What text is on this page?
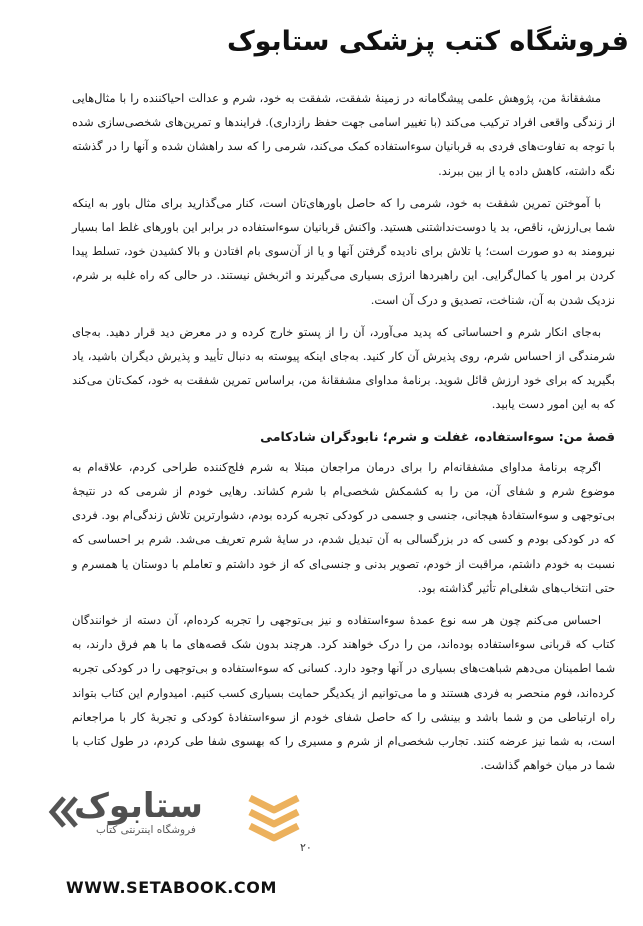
فروشگاه کتب پزشکی ستابوک

مشفقانهٔ من، پژوهش علمی پیشگامانه در زمینهٔ شفقت، شفقت به خود، شرم و عدالت احیاکننده را با مثال‌هایی از زندگی واقعی افراد ترکیب می‌کند (با تغییر اسامی جهت حفظ رازداری). فرایندها و تمرین‌های شخصی‌سازی شده با توجه به تفاوت‌های فردی به قربانیان سوءاستفاده کمک می‌کند، شرمی را که سد راهشان شده و آنها را در گذشته نگه داشته، کاهش داده یا از بین ببرند.

با آموختن تمرین شفقت به خود، شرمی را که حاصل باورهای‌تان است، کنار می‌گذارید برای مثال باور به اینکه شما بی‌ارزش، ناقص، بد یا دوست‌نداشتنی هستید. واکنش قربانیان سوءاستفاده در برابر این باورهای غلط اما بسیار نیرومند به دو صورت است؛ یا تلاش برای نادیده گرفتن آنها و یا از آن‌سوی بام افتادن و بالا کشیدن خود، تسلط پیدا کردن بر امور یا کمال‌گرایی. این راهبردها انرژی بسیاری می‌گیرند و اثربخش نیستند. در حالی که راه غلبه بر شرم، نزدیک شدن به آن، شناخت، تصدیق و درک آن است.

به‌جای انکار شرم و احساساتی که پدید می‌آورد، آن را از پستو خارج کرده و در معرض دید قرار دهید. به‌جای شرمندگی از احساس شرم، روی پذیرش آن کار کنید. به‌جای اینکه پیوسته به دنبال تأیید و پذیرش دیگران باشید، یاد بگیرید که برای خود ارزش قائل شوید. برنامهٔ مداوای مشفقانهٔ من، براساس تمرین شفقت به خود، کمک‌تان می‌کند که به این امور دست یابید.

قصهٔ من: سوءاستفاده، غفلت و شرم؛ نابودگران شادکامی

اگرچه برنامهٔ مداوای مشفقانه‌ام را برای درمان مراجعان مبتلا به شرم فلج‌کننده طراحی کردم، علاقه‌ام به موضوع شرم و شفای آن، من را به کشمکش شخصی‌ام با شرم کشاند. رهایی خودم از شرمی که در نتیجهٔ بی‌توجهی و سوءاستفادهٔ هیجانی، جنسی و جسمی در کودکی تجربه کرده بودم، دشوارترین تلاش زندگی‌ام بود. فردی که در کودکی بودم و کسی که در بزرگسالی به آن تبدیل شدم، در سایهٔ شرم تعریف می‌شد. شرم بر احساسی که نسبت به خودم داشتم، مراقبت از خودم، تصویر بدنی و جنسی‌ای که از خود داشتم و تعاملم با دوستان یا همسرم و حتی انتخاب‌های شغلی‌ام تأثیر گذاشته بود.

احساس می‌کنم چون هر سه نوع عمدهٔ سوءاستفاده و نیز بی‌توجهی را تجربه کرده‌ام، آن دسته از خوانندگان کتاب که قربانی سوءاستفاده بوده‌اند، من را درک خواهند کرد. هرچند بدون شک قصه‌های ما با هم فرق دارند، به شما اطمینان می‌دهم شباهت‌های بسیاری در آنها وجود دارد. کسانی که سوءاستفاده و بی‌توجهی را در کودکی تجربه کرده‌اند، فوم منحصر به فردی هستند و ما می‌توانیم از یکدیگر حمایت بسیاری کسب کنیم. امیدوارم این کتاب بتواند راه ارتباطی من و شما باشد و بینشی را که حاصل شفای خودم از سوءاستفادهٔ کودکی و تجربهٔ کار با مراجعانم است، به شما نیز عرضه کنند. تجارب شخصی‌ام از شرم و مسیری را که بهسوی شفا طی کردم، در طول کتاب با شما در میان خواهم گذاشت.

ستابوک
فروشگاه اینترنتی کتاب
۲۰
WWW.SETABOOK.COM
